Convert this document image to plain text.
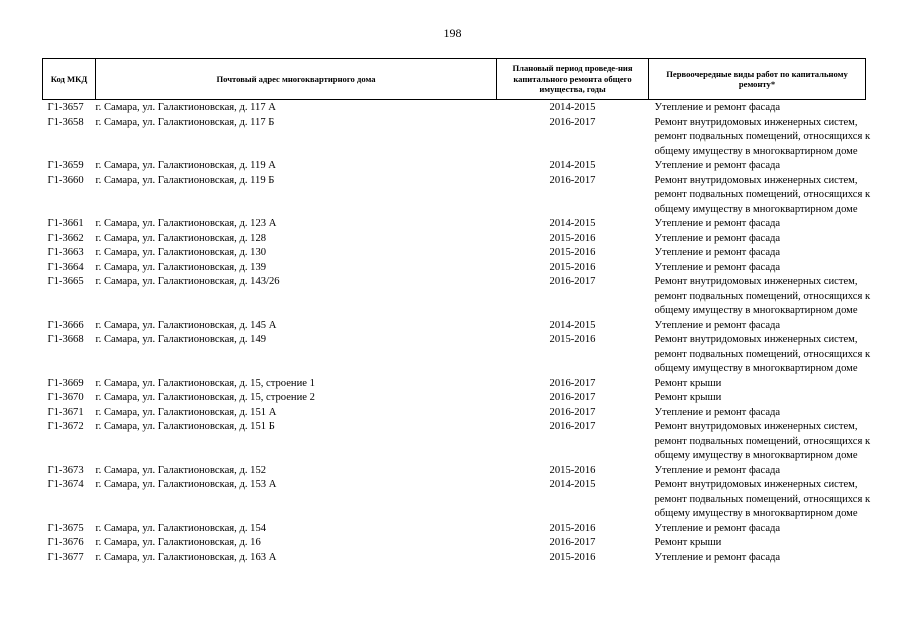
198
Код МКД	Почтовый адрес многоквартирного дома	Плановый период проведе-ния капитального ремонта общего имущества, годы	Первоочередные виды работ по капитальному ремонту*
Г1-3657	г. Самара, ул. Галактионовская, д. 117 А	2014-2015	Утепление и ремонт фасада

Г1-3658	г. Самара, ул. Галактионовская, д. 117 Б	2016-2017	Ремонт внутридомовых инженерных систем,
ремонт подвальных помещений, относящихся к
общему имуществу в многоквартирном доме

Г1-3659	г. Самара, ул. Галактионовская, д. 119 А	2014-2015	Утепление и ремонт фасада

Г1-3660	г. Самара, ул. Галактионовская, д. 119 Б	2016-2017	Ремонт внутридомовых инженерных систем,
ремонт подвальных помещений, относящихся к
общему имуществу в многоквартирном доме

Г1-3661	г. Самара, ул. Галактионовская, д. 123 А	2014-2015	Утепление и ремонт фасада

Г1-3662	г. Самара, ул. Галактионовская, д. 128	2015-2016	Утепление и ремонт фасада

Г1-3663	г. Самара, ул. Галактионовская, д. 130	2015-2016	Утепление и ремонт фасада

Г1-3664	г. Самара, ул. Галактионовская, д. 139	2015-2016	Утепление и ремонт фасада

Г1-3665	г. Самара, ул. Галактионовская, д. 143/26	2016-2017	Ремонт внутридомовых инженерных систем,
ремонт подвальных помещений, относящихся к
общему имуществу в многоквартирном доме

Г1-3666	г. Самара, ул. Галактионовская, д. 145 А	2014-2015	Утепление и ремонт фасада

Г1-3668	г. Самара, ул. Галактионовская, д. 149	2015-2016	Ремонт внутридомовых инженерных систем,
ремонт подвальных помещений, относящихся к
общему имуществу в многоквартирном доме

Г1-3669	г. Самара, ул. Галактионовская, д. 15, строение 1	2016-2017	Ремонт крыши

Г1-3670	г. Самара, ул. Галактионовская, д. 15, строение 2	2016-2017	Ремонт крыши

Г1-3671	г. Самара, ул. Галактионовская, д. 151 А	2016-2017	Утепление и ремонт фасада

Г1-3672	г. Самара, ул. Галактионовская, д. 151 Б	2016-2017	Ремонт внутридомовых инженерных систем,
ремонт подвальных помещений, относящихся к
общему имуществу в многоквартирном доме

Г1-3673	г. Самара, ул. Галактионовская, д. 152	2015-2016	Утепление и ремонт фасада

Г1-3674	г. Самара, ул. Галактионовская, д. 153 А	2014-2015	Ремонт внутридомовых инженерных систем,
ремонт подвальных помещений, относящихся к
общему имуществу в многоквартирном доме

Г1-3675	г. Самара, ул. Галактионовская, д. 154	2015-2016	Утепление и ремонт фасада

Г1-3676	г. Самара, ул. Галактионовская, д. 16	2016-2017	Ремонт крыши

Г1-3677	г. Самара, ул. Галактионовская, д. 163 А	2015-2016	Утепление и ремонт фасада
